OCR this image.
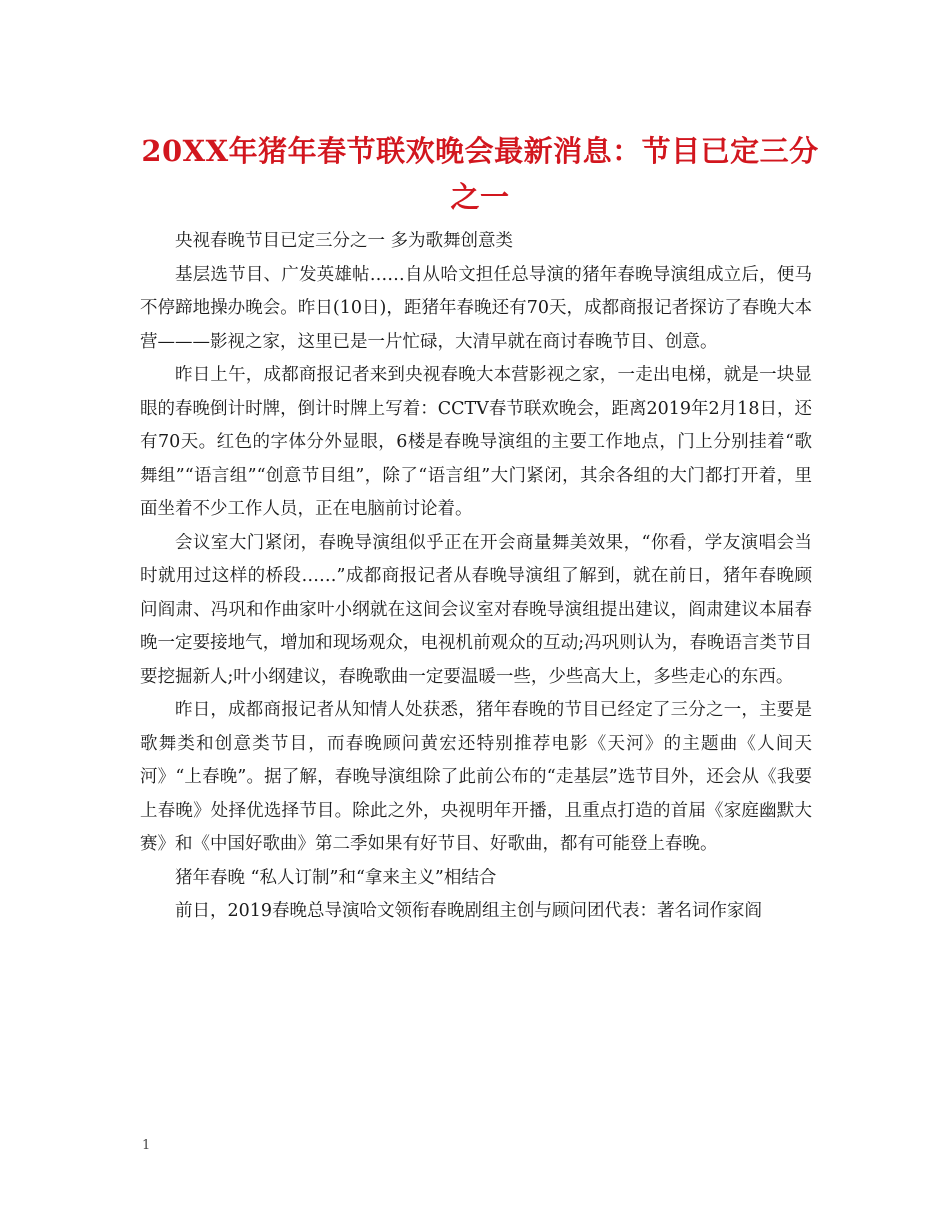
20XX年猪年春节联欢晚会最新消息：节目已定三分之一

央视春晚节目已定三分之一 多为歌舞创意类

基层选节目、广发英雄帖……自从哈文担任总导演的猪年春晚导演组成立后，便马不停蹄地操办晚会。昨日(10日)，距猪年春晚还有70天，成都商报记者探访了春晚大本营———影视之家，这里已是一片忙碌，大清早就在商讨春晚节目、创意。

昨日上午，成都商报记者来到央视春晚大本营影视之家，一走出电梯，就是一块显眼的春晚倒计时牌，倒计时牌上写着：CCTV春节联欢晚会，距离2019年2月18日，还有70天。红色的字体分外显眼，6楼是春晚导演组的主要工作地点，门上分别挂着“歌舞组”“语言组”“创意节目组”，除了“语言组”大门紧闭，其余各组的大门都打开着，里面坐着不少工作人员，正在电脑前讨论着。

会议室大门紧闭，春晚导演组似乎正在开会商量舞美效果，“你看，学友演唱会当时就用过这样的桥段……”成都商报记者从春晚导演组了解到，就在前日，猪年春晚顾问阎肃、冯巩和作曲家叶小纲就在这间会议室对春晚导演组提出建议，阎肃建议本届春晚一定要接地气，增加和现场观众，电视机前观众的互动;冯巩则认为，春晚语言类节目要挖掘新人;叶小纲建议，春晚歌曲一定要温暖一些，少些高大上，多些走心的东西。

昨日，成都商报记者从知情人处获悉，猪年春晚的节目已经定了三分之一，主要是歌舞类和创意类节目，而春晚顾问黄宏还特别推荐电影《天河》的主题曲《人间天河》“上春晚”。据了解，春晚导演组除了此前公布的“走基层”选节目外，还会从《我要上春晚》处择优选择节目。除此之外，央视明年开播，且重点打造的首届《家庭幽默大赛》和《中国好歌曲》第二季如果有好节目、好歌曲，都有可能登上春晚。

猪年春晚 “私人订制”和“拿来主义”相结合

前日，2019春晚总导演哈文领衔春晚剧组主创与顾问团代表：著名词作家阎

1
